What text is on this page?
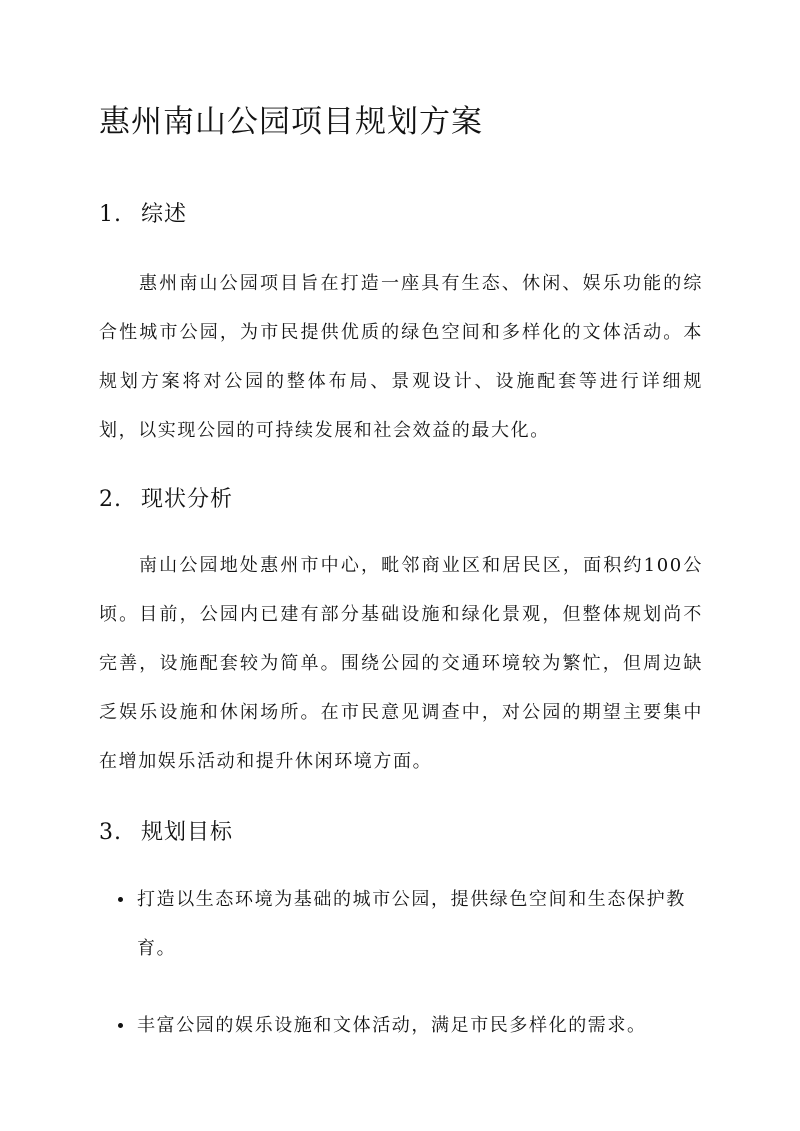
惠州南山公园项目规划方案
1. 综述

惠州南山公园项目旨在打造一座具有生态、休闲、娱乐功能的综合性城市公园，为市民提供优质的绿色空间和多样化的文体活动。本规划方案将对公园的整体布局、景观设计、设施配套等进行详细规划，以实现公园的可持续发展和社会效益的最大化。

2. 现状分析

南山公园地处惠州市中心，毗邻商业区和居民区，面积约100公顷。目前，公园内已建有部分基础设施和绿化景观，但整体规划尚不完善，设施配套较为简单。围绕公园的交通环境较为繁忙，但周边缺乏娱乐设施和休闲场所。在市民意见调查中，对公园的期望主要集中在增加娱乐活动和提升休闲环境方面。

3. 规划目标
打造以生态环境为基础的城市公园，提供绿色空间和生态保护教育。
丰富公园的娱乐设施和文体活动，满足市民多样化的需求。
